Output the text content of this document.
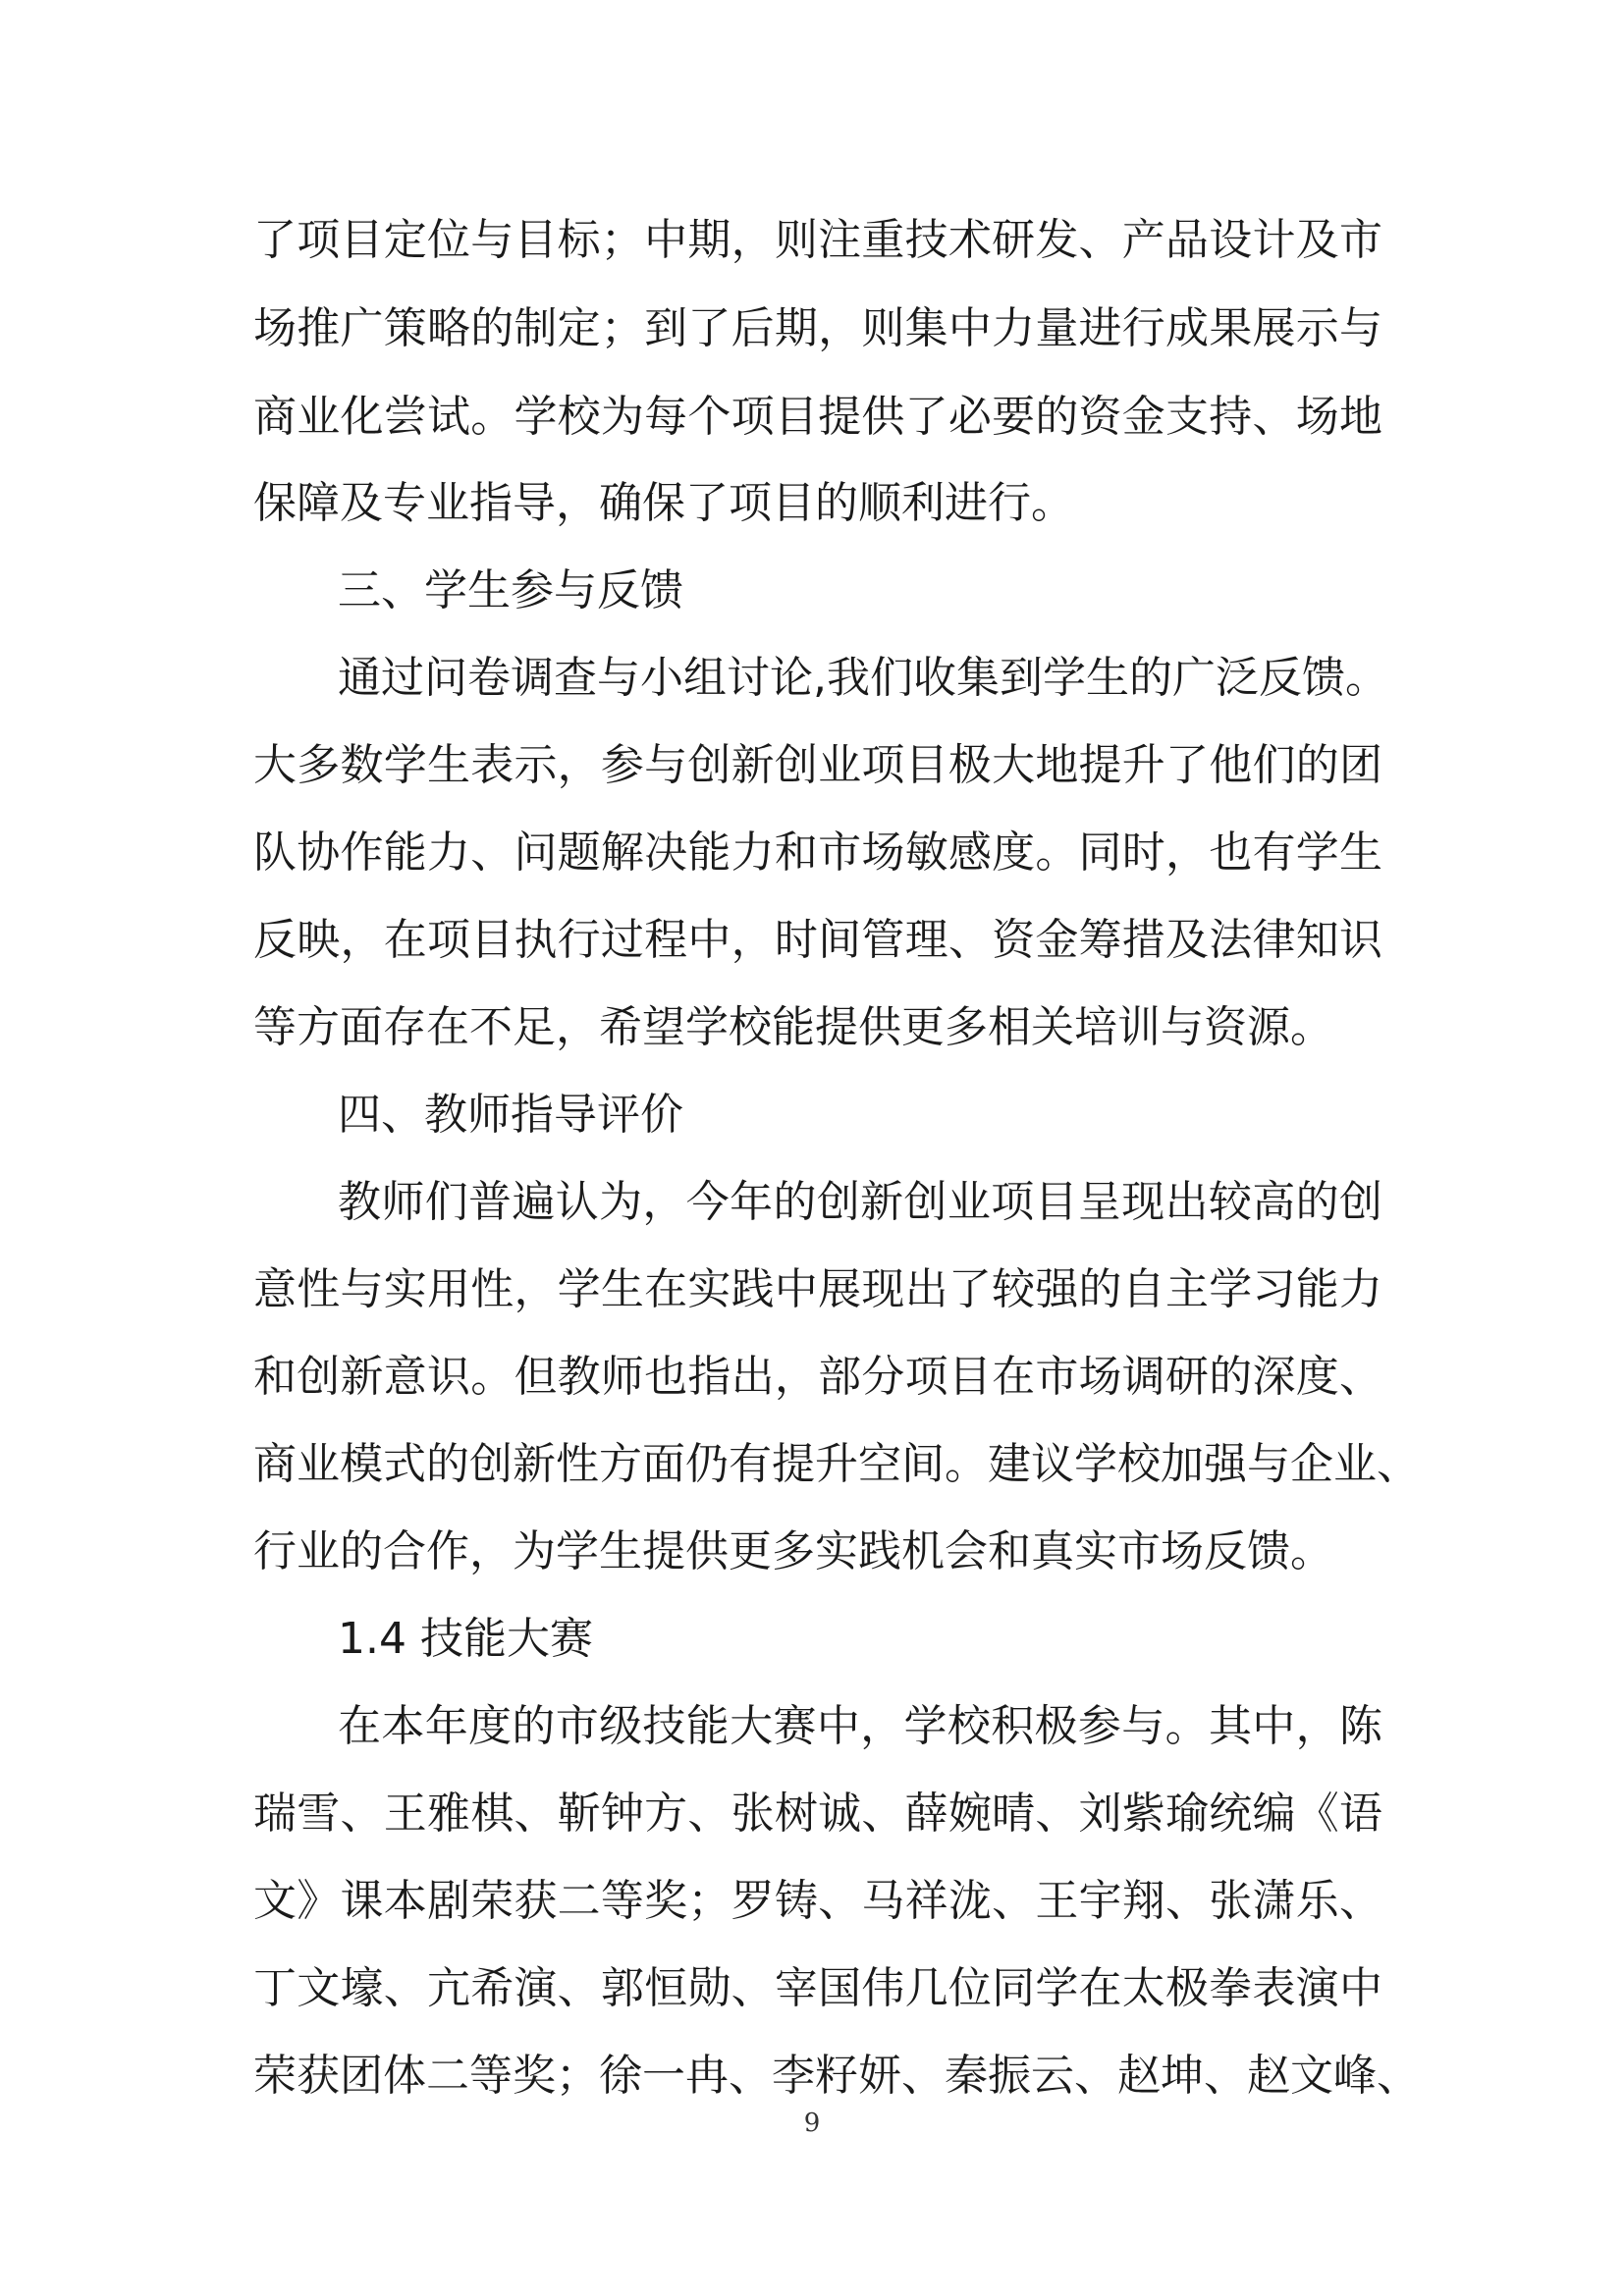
了项目定位与目标；中期，则注重技术研发、产品设计及市
场推广策略的制定；到了后期，则集中力量进行成果展示与
商业化尝试。学校为每个项目提供了必要的资金支持、场地
保障及专业指导，确保了项目的顺利进行。
三、学生参与反馈
通过问卷调查与小组讨论,我们收集到学生的广泛反馈。
大多数学生表示，参与创新创业项目极大地提升了他们的团
队协作能力、问题解决能力和市场敏感度。同时，也有学生
反映，在项目执行过程中，时间管理、资金筹措及法律知识
等方面存在不足，希望学校能提供更多相关培训与资源。
四、教师指导评价
教师们普遍认为，今年的创新创业项目呈现出较高的创
意性与实用性，学生在实践中展现出了较强的自主学习能力
和创新意识。但教师也指出，部分项目在市场调研的深度、
商业模式的创新性方面仍有提升空间。建议学校加强与企业、
行业的合作，为学生提供更多实践机会和真实市场反馈。
1.4 技能大赛
在本年度的市级技能大赛中，学校积极参与。其中，陈
瑞雪、王雅棋、靳钟方、张树诚、薛婉晴、刘紫瑜统编《语
文》课本剧荣获二等奖；罗铸、马祥泷、王宇翔、张潇乐、
丁文壕、亢希演、郭恒勋、宰国伟几位同学在太极拳表演中
荣获团体二等奖；徐一冉、李籽妍、秦振云、赵坤、赵文峰、
9
